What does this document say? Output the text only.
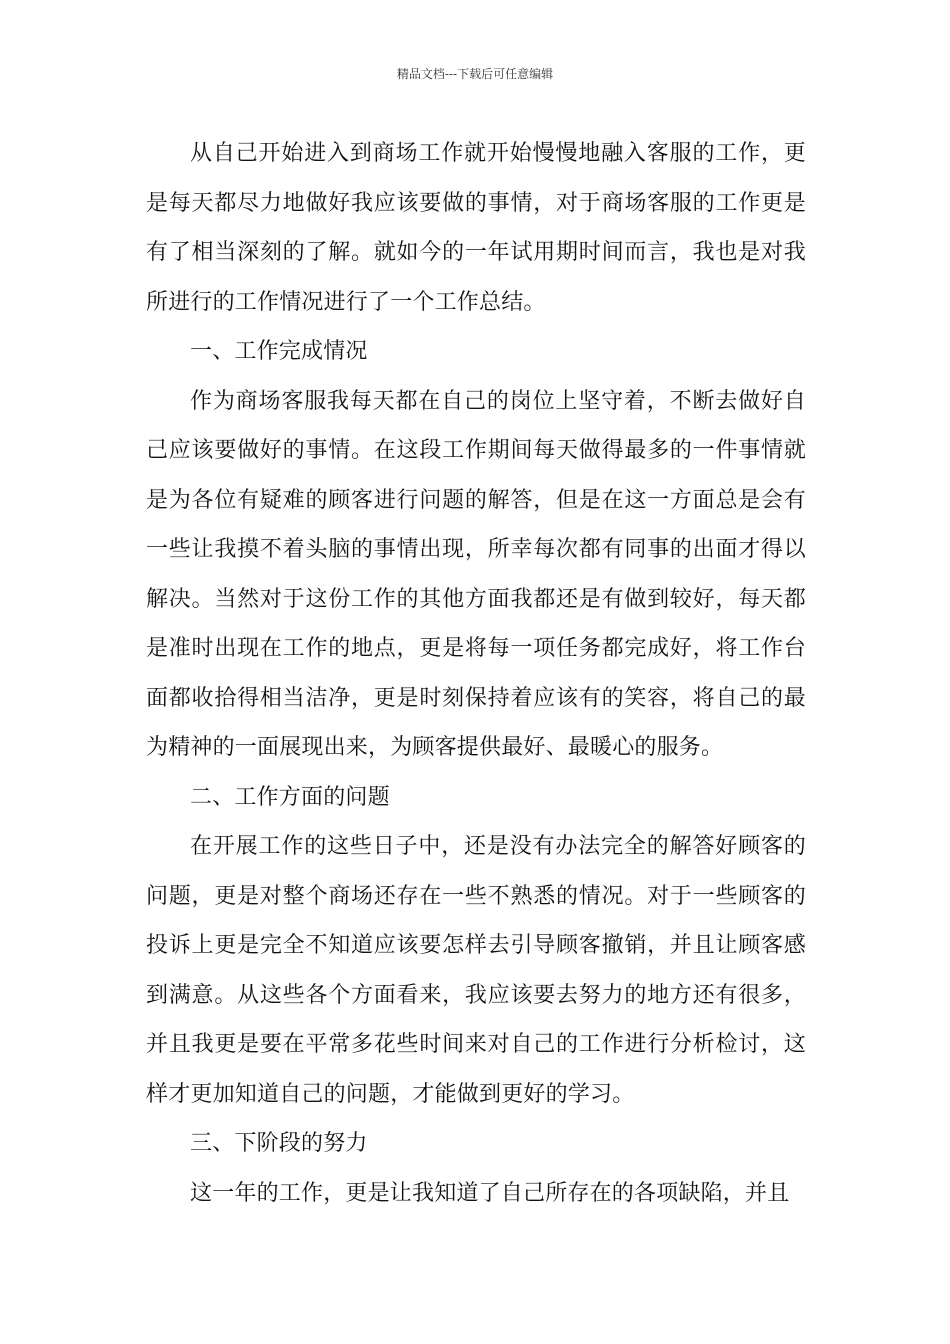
精品文档---下载后可任意编辑

从自己开始进入到商场工作就开始慢慢地融入客服的工作，更是每天都尽力地做好我应该要做的事情，对于商场客服的工作更是有了相当深刻的了解。就如今的一年试用期时间而言，我也是对我所进行的工作情况进行了一个工作总结。

一、工作完成情况

作为商场客服我每天都在自己的岗位上坚守着，不断去做好自己应该要做好的事情。在这段工作期间每天做得最多的一件事情就是为各位有疑难的顾客进行问题的解答，但是在这一方面总是会有一些让我摸不着头脑的事情出现，所幸每次都有同事的出面才得以解决。当然对于这份工作的其他方面我都还是有做到较好，每天都是准时出现在工作的地点，更是将每一项任务都完成好，将工作台面都收拾得相当洁净，更是时刻保持着应该有的笑容，将自己的最为精神的一面展现出来，为顾客提供最好、最暖心的服务。

二、工作方面的问题

在开展工作的这些日子中，还是没有办法完全的解答好顾客的问题，更是对整个商场还存在一些不熟悉的情况。对于一些顾客的投诉上更是完全不知道应该要怎样去引导顾客撤销，并且让顾客感到满意。从这些各个方面看来，我应该要去努力的地方还有很多，并且我更是要在平常多花些时间来对自己的工作进行分析检讨，这样才更加知道自己的问题，才能做到更好的学习。

三、下阶段的努力

这一年的工作，更是让我知道了自己所存在的各项缺陷，并且
